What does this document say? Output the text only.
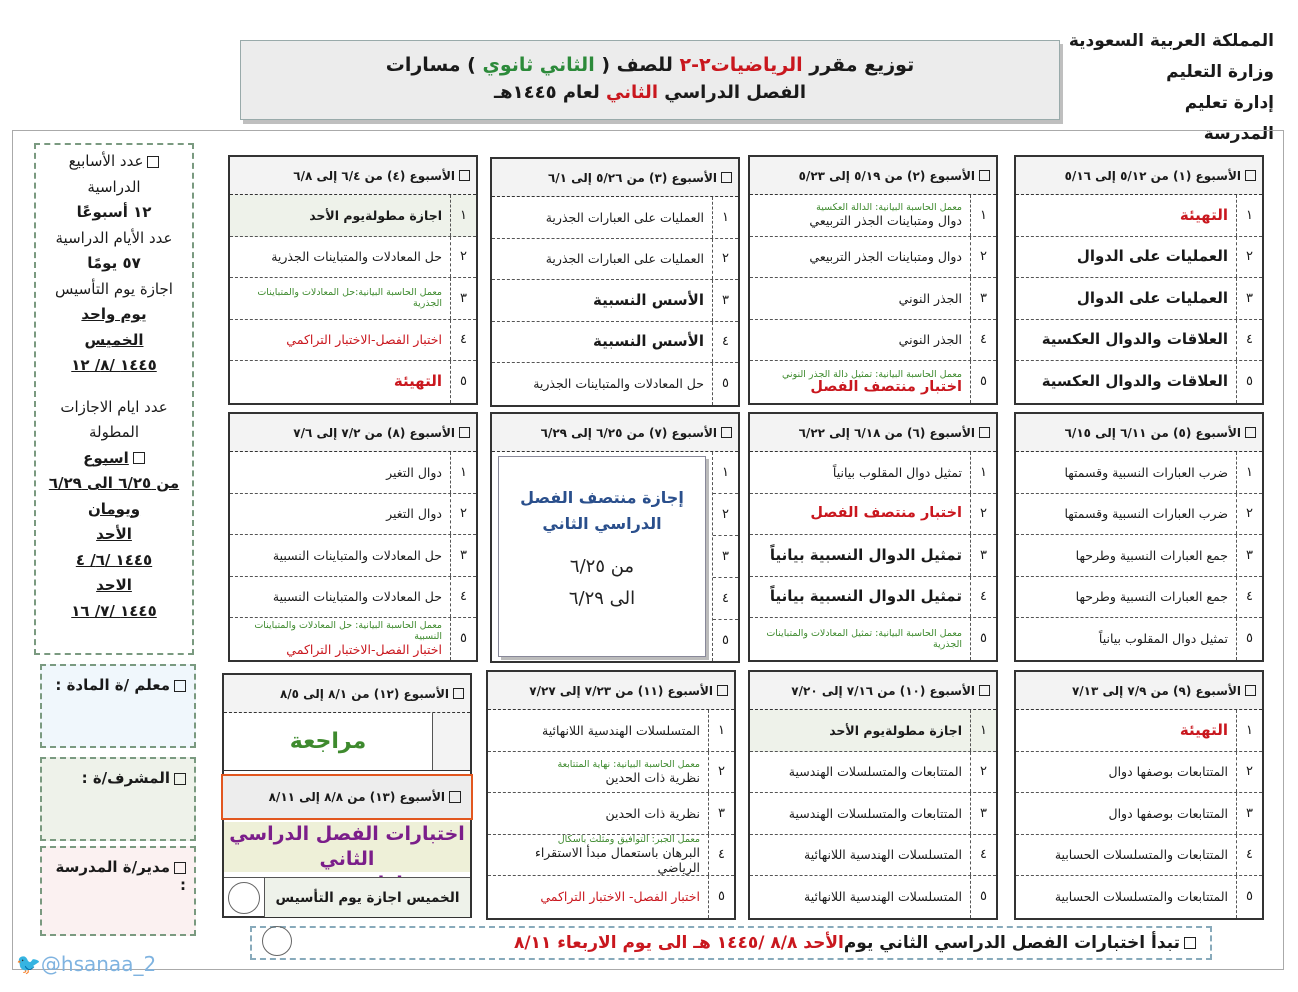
المملكة العربية السعودية
وزارة التعليم
إدارة تعليم
المدرسة
توزيع مقرر الرياضيات٢-٢ للصف ( الثاني ثانوي ) مسارات
الفصل الدراسي الثاني لعام ١٤٤٥هـ
الأسبوع (١) من ٥/١٢ إلى ٥/١٦
١
التهيئة
٢
العمليات على الدوال
٣
العمليات على الدوال
٤
العلاقات والدوال العكسية
٥
العلاقات والدوال العكسية
الأسبوع (٢) من ٥/١٩ إلى ٥/٢٣
١
معمل الحاسبة البيانية: الدالة العكسية
دوال ومتباينات الجذر التربيعي
٢
دوال ومتباينات الجذر التربيعي
٣
الجذر النوني
٤
الجذر النوني
٥
معمل الحاسبة البيانية: تمثيل دالة الجذر النوني
اختبار منتصف الفصل
الأسبوع (٣) من ٥/٢٦ إلى ٦/١
١
العمليات على العبارات الجذرية
٢
العمليات على العبارات الجذرية
٣
الأسس النسبية
٤
الأسس النسبية
٥
حل المعادلات والمتباينات الجذرية
الأسبوع (٤) من ٦/٤ إلى ٦/٨
١
اجازة مطولةيوم الأحد
٢
حل المعادلات والمتباينات الجذرية
٣
معمل الحاسبة البيانية:حل المعادلات والمتباينات الجذرية
٤
اختبار الفصل-الاختبار التراكمي
٥
التهيئة
الأسبوع (٥) من ٦/١١ إلى ٦/١٥
١
ضرب العبارات النسبية وقسمتها
٢
ضرب العبارات النسبية وقسمتها
٣
جمع العبارات النسبية وطرحها
٤
جمع العبارات النسبية وطرحها
٥
تمثيل دوال المقلوب بيانياً
الأسبوع (٦) من ٦/١٨ إلى ٦/٢٢
١
تمثيل دوال المقلوب بيانياً
٢
اختبار منتصف الفصل
٣
تمثيل الدوال النسبية بيانياً
٤
تمثيل الدوال النسبية بيانياً
٥
معمل الحاسبة البيانية: تمثيل المعادلات والمتباينات الجذرية
الأسبوع (٨) من ٧/٢ إلى ٧/٦
١
دوال التغير
٢
دوال التغير
٣
حل المعادلات والمتباينات النسبية
٤
حل المعادلات والمتباينات النسبية
٥
معمل الحاسبة البيانية: حل المعادلات والمتباينات النسبية
اختبار الفصل-الاختبار التراكمي
الأسبوع (٩) من ٧/٩ إلى ٧/١٣
١
التهيئة
٢
المتتابعات بوصفها دوال
٣
المتتابعات بوصفها دوال
٤
المتتابعات والمتسلسلات الحسابية
٥
المتتابعات والمتسلسلات الحسابية
الأسبوع (١٠) من ٧/١٦ إلى ٧/٢٠
١
اجازة مطولةيوم الأحد
٢
المتتابعات والمتسلسلات الهندسية
٣
المتتابعات والمتسلسلات الهندسية
٤
المتسلسلات الهندسية اللانهائية
٥
المتسلسلات الهندسية اللانهائية
الأسبوع (١١) من ٧/٢٣ إلى ٧/٢٧
١
المتسلسلات الهندسية اللانهائية
٢
معمل الحاسبة البيانية: نهاية المتتابعة
نظرية ذات الحدين
٣
نظرية ذات الحدين
٤
معمل الجبر: التوافيق ومثلث باسكال
البرهان باستعمال مبدأ الاستقراء الرياضي
٥
اختبار الفصل- الاختبار التراكمي
الأسبوع (٧) من ٦/٢٥ إلى ٦/٢٩
١
٢
٣
٤
٥
إجازة منتصف الفصل
الدراسي الثاني
من ٦/٢٥
الى ٦/٢٩
الأسبوع (١٢) من ٨/١ إلى ٨/٥
مراجعة
الأسبوع (١٣) من ٨/٨ إلى ٨/١١
اختبارات الفصل الدراسي الثاني
الخميس اجازة يوم التأسيس
عدد الأسابيع
الدراسية
١٢ أسبوعًا
عدد الأيام الدراسية
٥٧ يومًا
اجازة يوم التأسيس
يوم واحد
الخميس
١٤٤٥ /٨/ ١٢
عدد ايام الاجازات
المطولة
اسبوع
من ٦/٢٥ الى ٦/٢٩
ويومان
الأحد
١٤٤٥ /٦/ ٤
الاحد
١٤٤٥ /٧/ ١٦
معلم /ة المادة :
المشرف/ة :
مدير/ة المدرسة :
تبدأ اختبارات الفصل الدراسي الثاني يوم
الأحد ٨/٨ /١٤٤٥ هـ الى يوم الاربعاء ٨/١١
🐦@hsanaa_2
